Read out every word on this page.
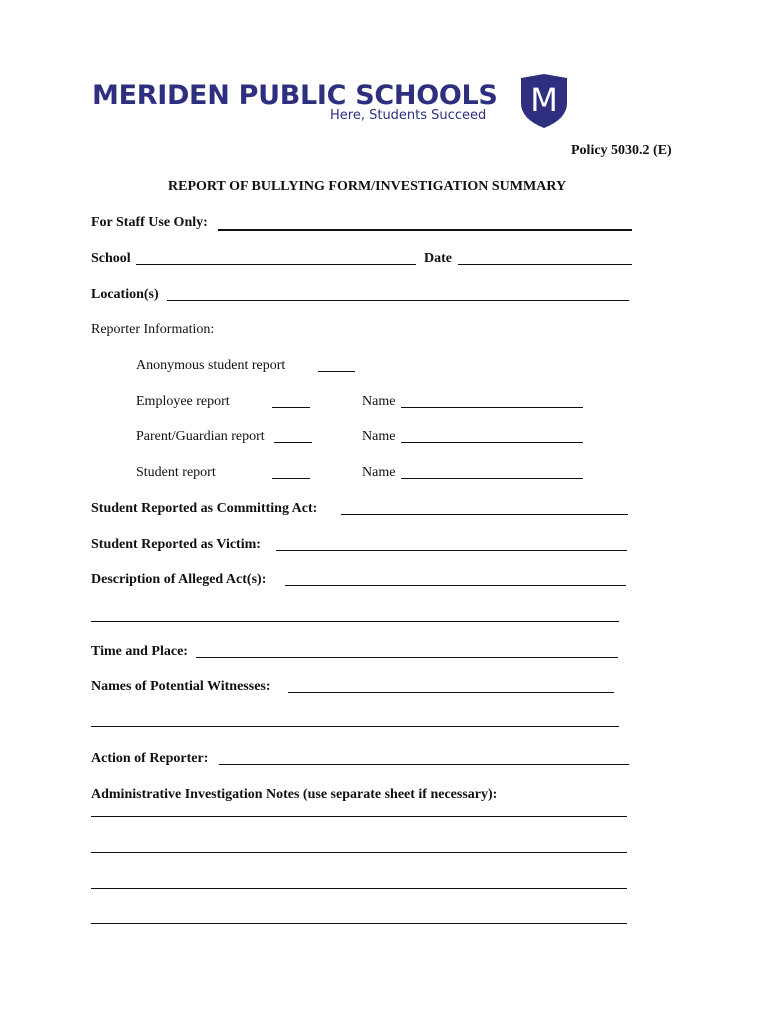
MERIDEN PUBLIC SCHOOLS
Here, Students Succeed M
Policy 5030.2 (E)
REPORT OF BULLYING FORM/INVESTIGATION SUMMARY
For Staff Use Only:
School	Date
Location(s)
Reporter Information:
Anonymous student report
Employee report	Name
Parent/Guardian report	Name
Student report	Name
Student Reported as Committing Act:
Student Reported as Victim:
Description of Alleged Act(s):
Time and Place:
Names of Potential Witnesses:
Action of Reporter:
Administrative Investigation Notes (use separate sheet if necessary):
